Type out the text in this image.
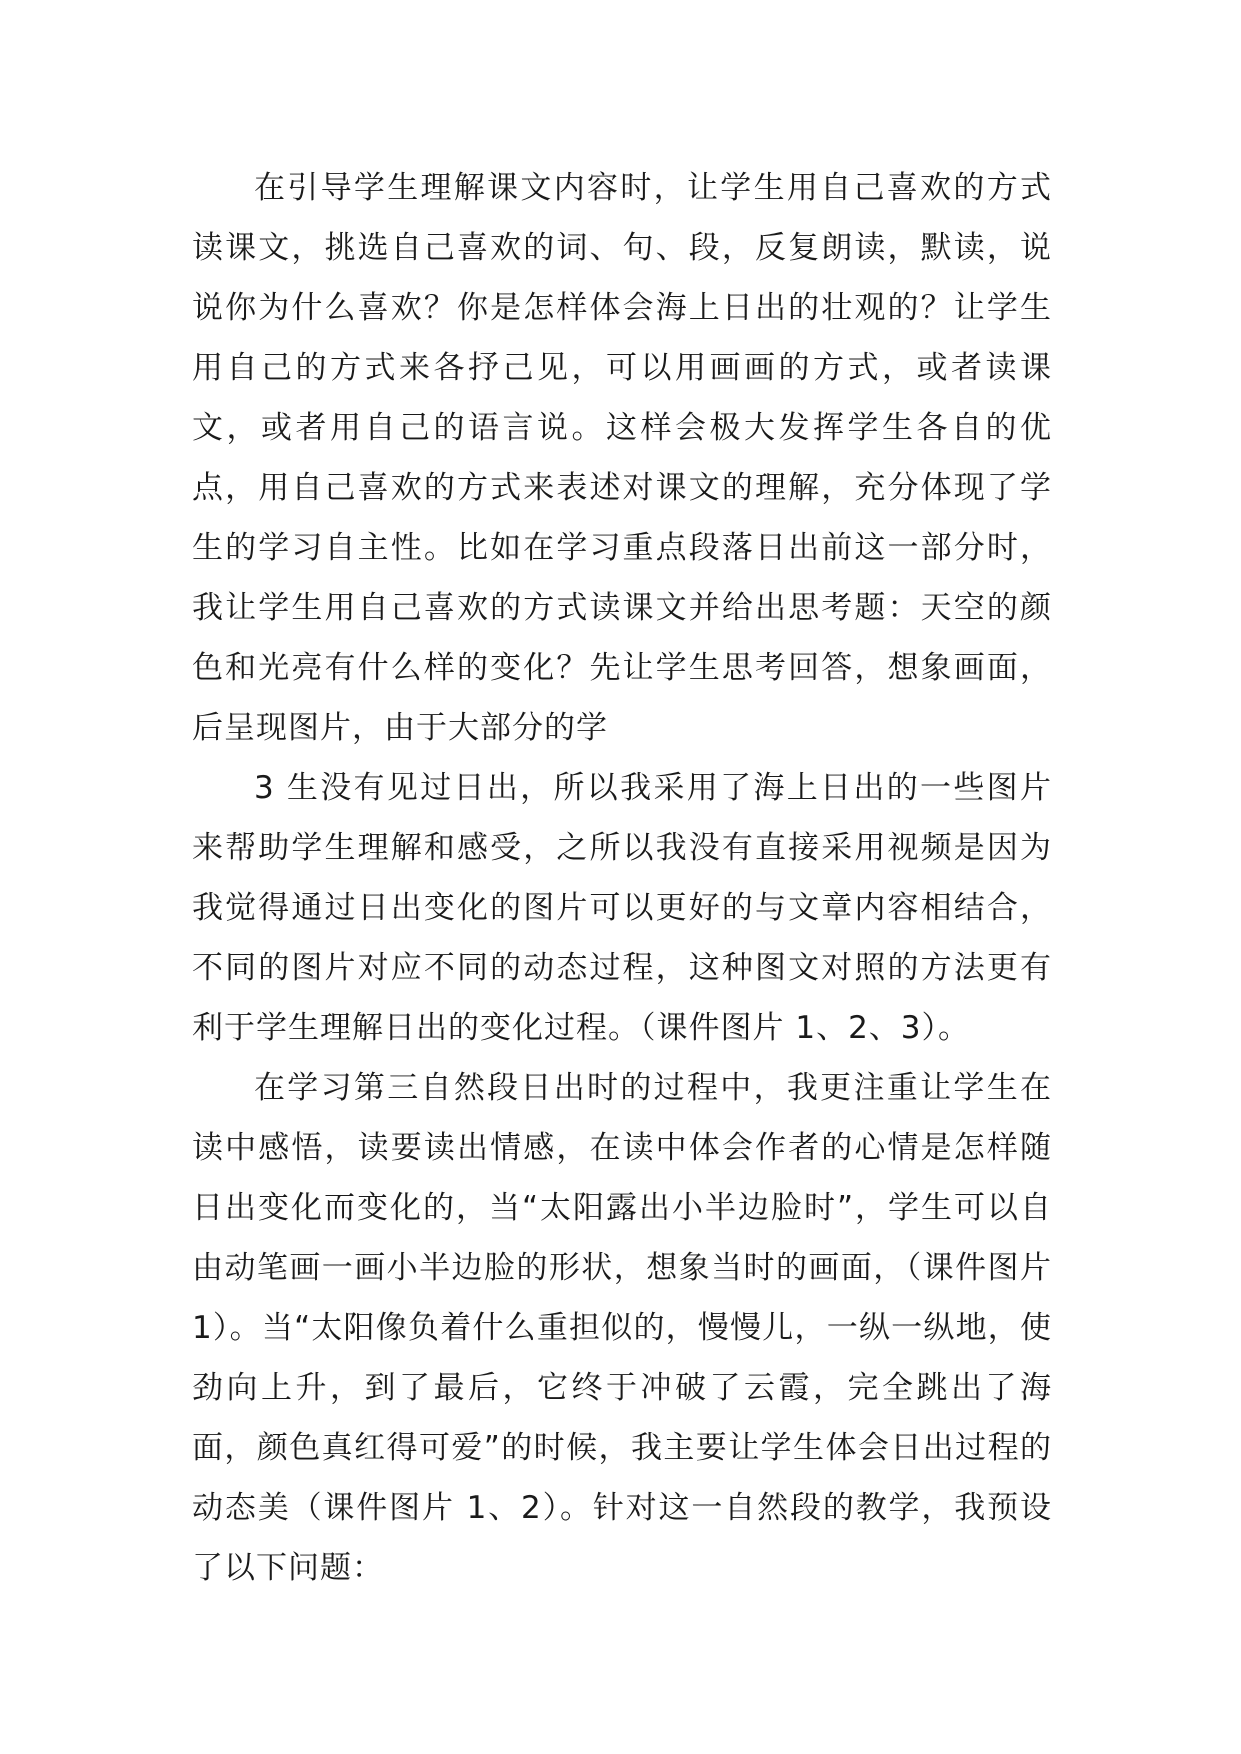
在引导学生理解课文内容时，让学生用自己喜欢的方式读课文，挑选自己喜欢的词、句、段，反复朗读，默读，说说你为什么喜欢？你是怎样体会海上日出的壮观的？让学生用自己的方式来各抒己见，可以用画画的方式，或者读课文，或者用自己的语言说。这样会极大发挥学生各自的优点，用自己喜欢的方式来表述对课文的理解，充分体现了学生的学习自主性。比如在学习重点段落日出前这一部分时，我让学生用自己喜欢的方式读课文并给出思考题：天空的颜色和光亮有什么样的变化？先让学生思考回答，想象画面，后呈现图片，由于大部分的学

3 生没有见过日出，所以我采用了海上日出的一些图片来帮助学生理解和感受，之所以我没有直接采用视频是因为我觉得通过日出变化的图片可以更好的与文章内容相结合，不同的图片对应不同的动态过程，这种图文对照的方法更有利于学生理解日出的变化过程。（课件图片 1、2、3）。

在学习第三自然段日出时的过程中，我更注重让学生在读中感悟，读要读出情感，在读中体会作者的心情是怎样随日出变化而变化的，当“太阳露出小半边脸时”，学生可以自由动笔画一画小半边脸的形状，想象当时的画面，（课件图片 1）。当“太阳像负着什么重担似的，慢慢儿，一纵一纵地，使劲向上升，到了最后，它终于冲破了云霞，完全跳出了海面，颜色真红得可爱”的时候，我主要让学生体会日出过程的动态美（课件图片 1、2）。针对这一自然段的教学，我预设了以下问题：
